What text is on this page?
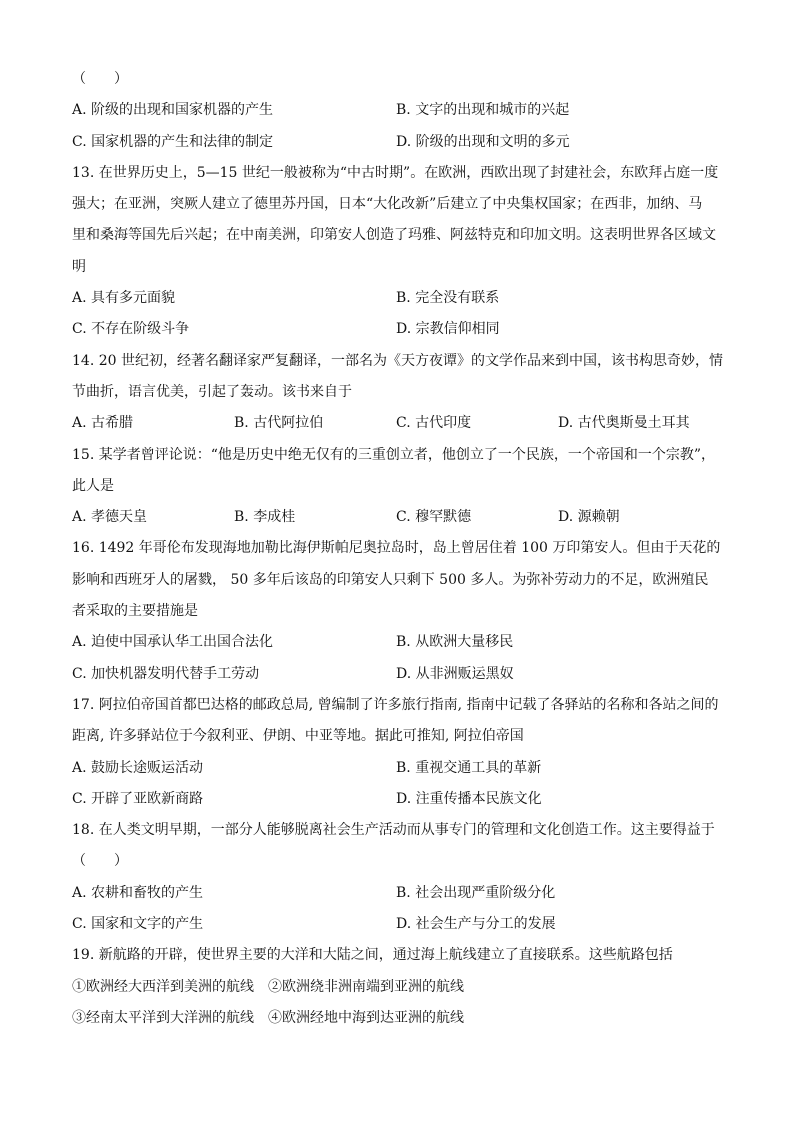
（　　）
A. 阶级的出现和国家机器的产生	B. 文字的出现和城市的兴起
C. 国家机器的产生和法律的制定	D. 阶级的出现和文明的多元
13. 在世界历史上，5—15 世纪一般被称为“中古时期”。在欧洲，西欧出现了封建社会，东欧拜占庭一度
强大；在亚洲，突厥人建立了德里苏丹国，日本“大化改新”后建立了中央集权国家；在西非，加纳、马
里和桑海等国先后兴起；在中南美洲，印第安人创造了玛雅、阿兹特克和印加文明。这表明世界各区域文
明
A. 具有多元面貌	B. 完全没有联系
C. 不存在阶级斗争	D. 宗教信仰相同
14. 20 世纪初，经著名翻译家严复翻译，一部名为《天方夜谭》的文学作品来到中国，该书构思奇妙，情
节曲折，语言优美，引起了轰动。该书来自于
A. 古希腊	B. 古代阿拉伯	C. 古代印度	D. 古代奥斯曼土耳其
15. 某学者曾评论说：“他是历史中绝无仅有的三重创立者，他创立了一个民族，一个帝国和一个宗教”，
此人是
A. 孝德天皇	B. 李成桂	C. 穆罕默德	D. 源赖朝
16. 1492 年哥伦布发现海地加勒比海伊斯帕尼奥拉岛时，岛上曾居住着 100 万印第安人。但由于天花的
影响和西班牙人的屠戮， 50 多年后该岛的印第安人只剩下 500 多人。为弥补劳动力的不足，欧洲殖民
者采取的主要措施是
A. 迫使中国承认华工出国合法化	B. 从欧洲大量移民
C. 加快机器发明代替手工劳动	D. 从非洲贩运黑奴
17. 阿拉伯帝国首都巴达格的邮政总局, 曾编制了许多旅行指南, 指南中记载了各驿站的名称和各站之间的
距离, 许多驿站位于今叙利亚、伊朗、中亚等地。据此可推知, 阿拉伯帝国
A. 鼓励长途贩运活动	B. 重视交通工具的革新
C. 开辟了亚欧新商路	D. 注重传播本民族文化
18. 在人类文明早期，一部分人能够脱离社会生产活动而从事专门的管理和文化创造工作。这主要得益于
（　　）
A. 农耕和畜牧的产生	B. 社会出现严重阶级分化
C. 国家和文字的产生	D. 社会生产与分工的发展
19. 新航路的开辟，使世界主要的大洋和大陆之间，通过海上航线建立了直接联系。这些航路包括
①欧洲经大西洋到美洲的航线　②欧洲绕非洲南端到亚洲的航线
③经南太平洋到大洋洲的航线　④欧洲经地中海到达亚洲的航线
